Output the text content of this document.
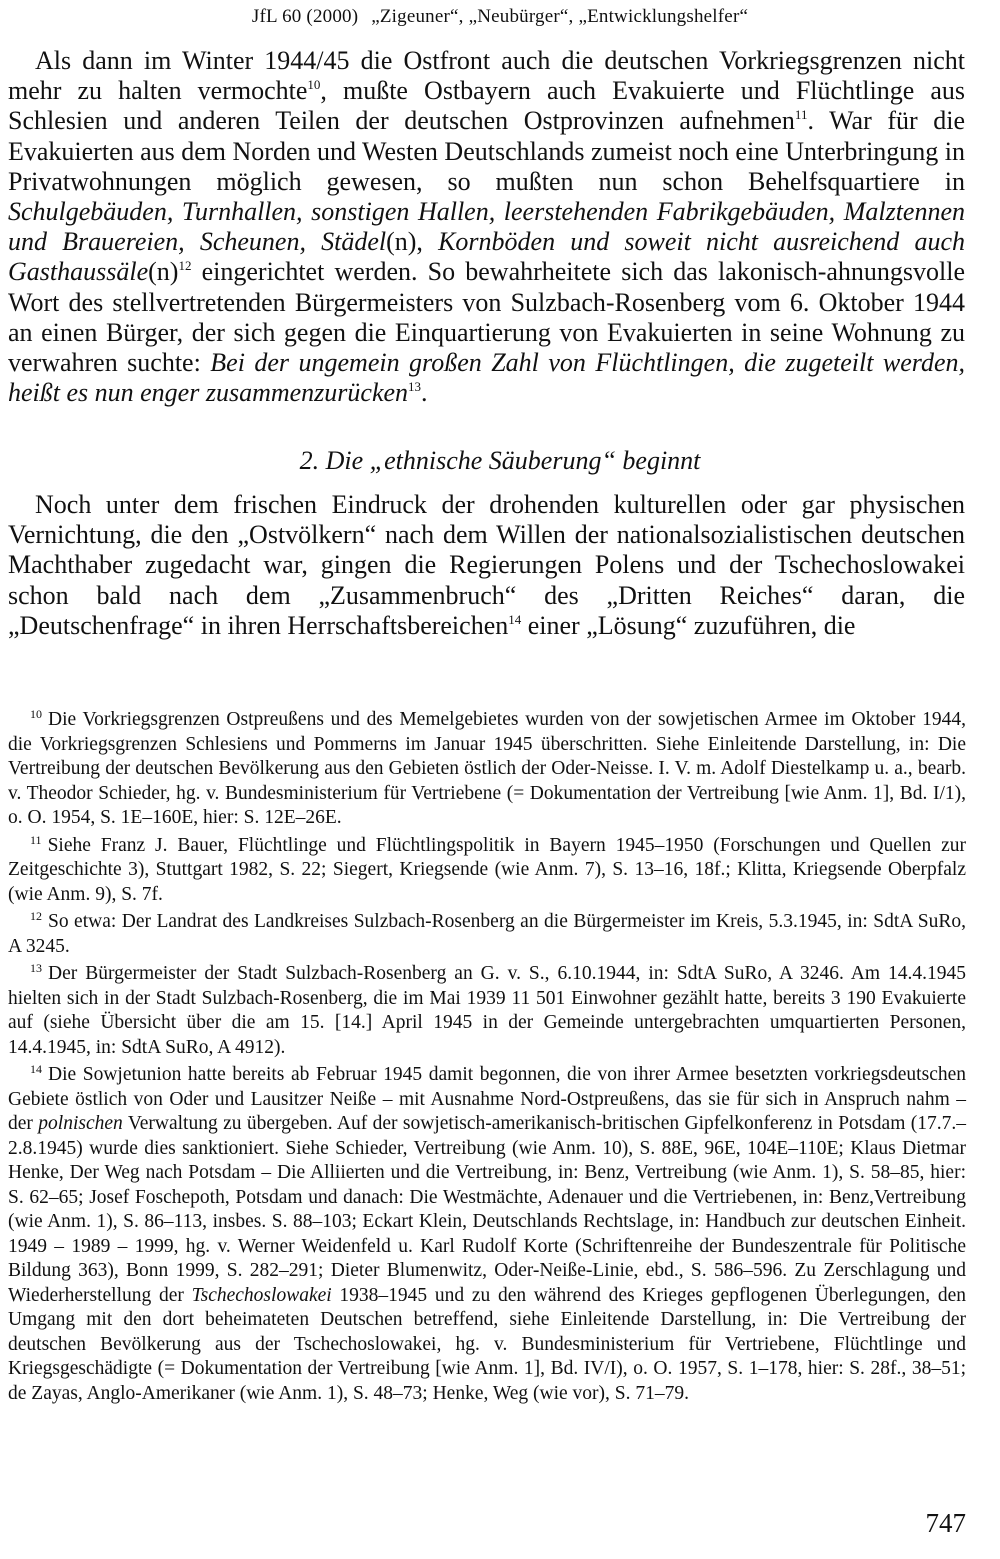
JfL 60 (2000) „Zigeuner“, „Neubürger“, „Entwicklungshelfer“
Als dann im Winter 1944/45 die Ostfront auch die deutschen Vorkriegsgrenzen nicht mehr zu halten vermochte$^{10}$, mußte Ostbayern auch Evakuierte und Flüchtlinge aus Schlesien und anderen Teilen der deutschen Ostprovinzen aufnehmen$^{11}$. War für die Evakuierten aus dem Norden und Westen Deutschlands zumeist noch eine Unterbringung in Privatwohnungen möglich gewesen, so mußten nun schon Behelfsquartiere in Schulgebäuden, Turnhallen, sonstigen Hallen, leerstehenden Fabrikgebäuden, Malztennen und Brauereien, Scheunen, Städel(n), Kornböden und soweit nicht ausreichend auch $Gasthaussäle(n)^{12}$ eingerichtet werden. So bewahrheitete sich das lakonisch-ahnungsvolle Wort des stellvertretenden Bürgermeisters von Sulzbach-Rosenberg vom 6. Oktober 1944 an einen Bürger, der sich gegen die Einquartierung von Evakuierten in seine Wohnung zu verwahren suchte: Bei der ungemein großen Zahl von Flüchtlingen, die zugeteilt werden, heißt es nun enger zusammenzurücken$^{13}$.
2. Die „ethnische Säuberung“ beginnt
Noch unter dem frischen Eindruck der drohenden kulturellen oder gar physischen Vernichtung, die den „Ostvölkern“ nach dem Willen der nationalsozialistischen deutschen Machthaber zugedacht war, gingen die Regierungen Polens und der Tschechoslowakei schon bald nach dem „Zusammenbruch“ des „Dritten Reiches“ daran, die „Deutschenfrage“ in ihren Herrschaftsbereichen$^{14}$ einer „Lösung“ zuzuführen, die
$^{10}$ Die Vorkriegsgrenzen Ostpreußens und des Memelgebietes wurden von der sowjetischen Armee im Oktober 1944, die Vorkriegsgrenzen Schlesiens und Pommerns im Januar 1945 überschritten. Siehe Einleitende Darstellung, in: Die Vertreibung der deutschen Bevölkerung aus den Gebieten östlich der Oder-Neisse. I. V. m. Adolf Diestelkamp u. a., bearb. v. Theodor Schieder, hg. v. Bundesministerium für Vertriebene (= Dokumentation der Vertreibung [wie Anm. 1], Bd. I/1), o. O. 1954, S. 1E–160E, hier: S. 12E–26E.
$^{11}$ Siehe Franz J. Bauer, Flüchtlinge und Flüchtlingspolitik in Bayern 1945–1950 (Forschungen und Quellen zur Zeitgeschichte 3), Stuttgart 1982, S. 22; Siegert, Kriegsende (wie Anm. 7), S. 13–16, 18f.; Klitta, Kriegsende Oberpfalz (wie Anm. 9), S. 7f.
$^{12}$ So etwa: Der Landrat des Landkreises Sulzbach-Rosenberg an die Bürgermeister im Kreis, 5.3.1945, in: SdtA SuRo, A 3245.
$^{13}$ Der Bürgermeister der Stadt Sulzbach-Rosenberg an G. v. S., 6.10.1944, in: SdtA SuRo, A 3246. Am 14.4.1945 hielten sich in der Stadt Sulzbach-Rosenberg, die im Mai 1939 11 501 Einwohner gezählt hatte, bereits 3 190 Evakuierte auf (siehe Übersicht über die am 15. [14.] April 1945 in der Gemeinde untergebrachten umquartierten Personen, 14.4.1945, in: SdtA SuRo, A 4912).
$^{14}$ Die Sowjetunion hatte bereits ab Februar 1945 damit begonnen, die von ihrer Armee besetzten vorkriegsdeutschen Gebiete östlich von Oder und Lausitzer Neiße – mit Ausnahme Nord-Ostpreußens, das sie für sich in Anspruch nahm – der polnischen Verwaltung zu übergeben. Auf der sowjetisch-amerikanisch-britischen Gipfelkonferenz in Potsdam (17.7.–2.8.1945) wurde dies sanktioniert. Siehe Schieder, Vertreibung (wie Anm. 10), S. 88E, 96E, 104E–110E; Klaus Dietmar Henke, Der Weg nach Potsdam – Die Alliierten und die Vertreibung, in: Benz, Vertreibung (wie Anm. 1), S. 58–85, hier: S. 62–65; Josef Foschepoth, Potsdam und danach: Die Westmächte, Adenauer und die Vertriebenen, in: Benz,Vertreibung (wie Anm. 1), S. 86–113, insbes. S. 88–103; Eckart Klein, Deutschlands Rechtslage, in: Handbuch zur deutschen Einheit. 1949 – 1989 – 1999, hg. v. Werner Weidenfeld u. Karl Rudolf Korte (Schriftenreihe der Bundeszentrale für Politische Bildung 363), Bonn 1999, S. 282–291; Dieter Blumenwitz, Oder-Neiße-Linie, ebd., S. 586–596. Zu Zerschlagung und Wiederherstellung der Tschechoslowakei 1938–1945 und zu den während des Krieges gepflogenen Überlegungen, den Umgang mit den dort beheimateten Deutschen betreffend, siehe Einleitende Darstellung, in: Die Vertreibung der deutschen Bevölkerung aus der Tschechoslowakei, hg. v. Bundesministerium für Vertriebene, Flüchtlinge und Kriegsgeschädigte (= Dokumentation der Vertreibung [wie Anm. 1], Bd. IV/I), o. O. 1957, S. 1–178, hier: S. 28f., 38–51; de Zayas, Anglo-Amerikaner (wie Anm. 1), S. 48–73; Henke, Weg (wie vor), S. 71–79.
747
